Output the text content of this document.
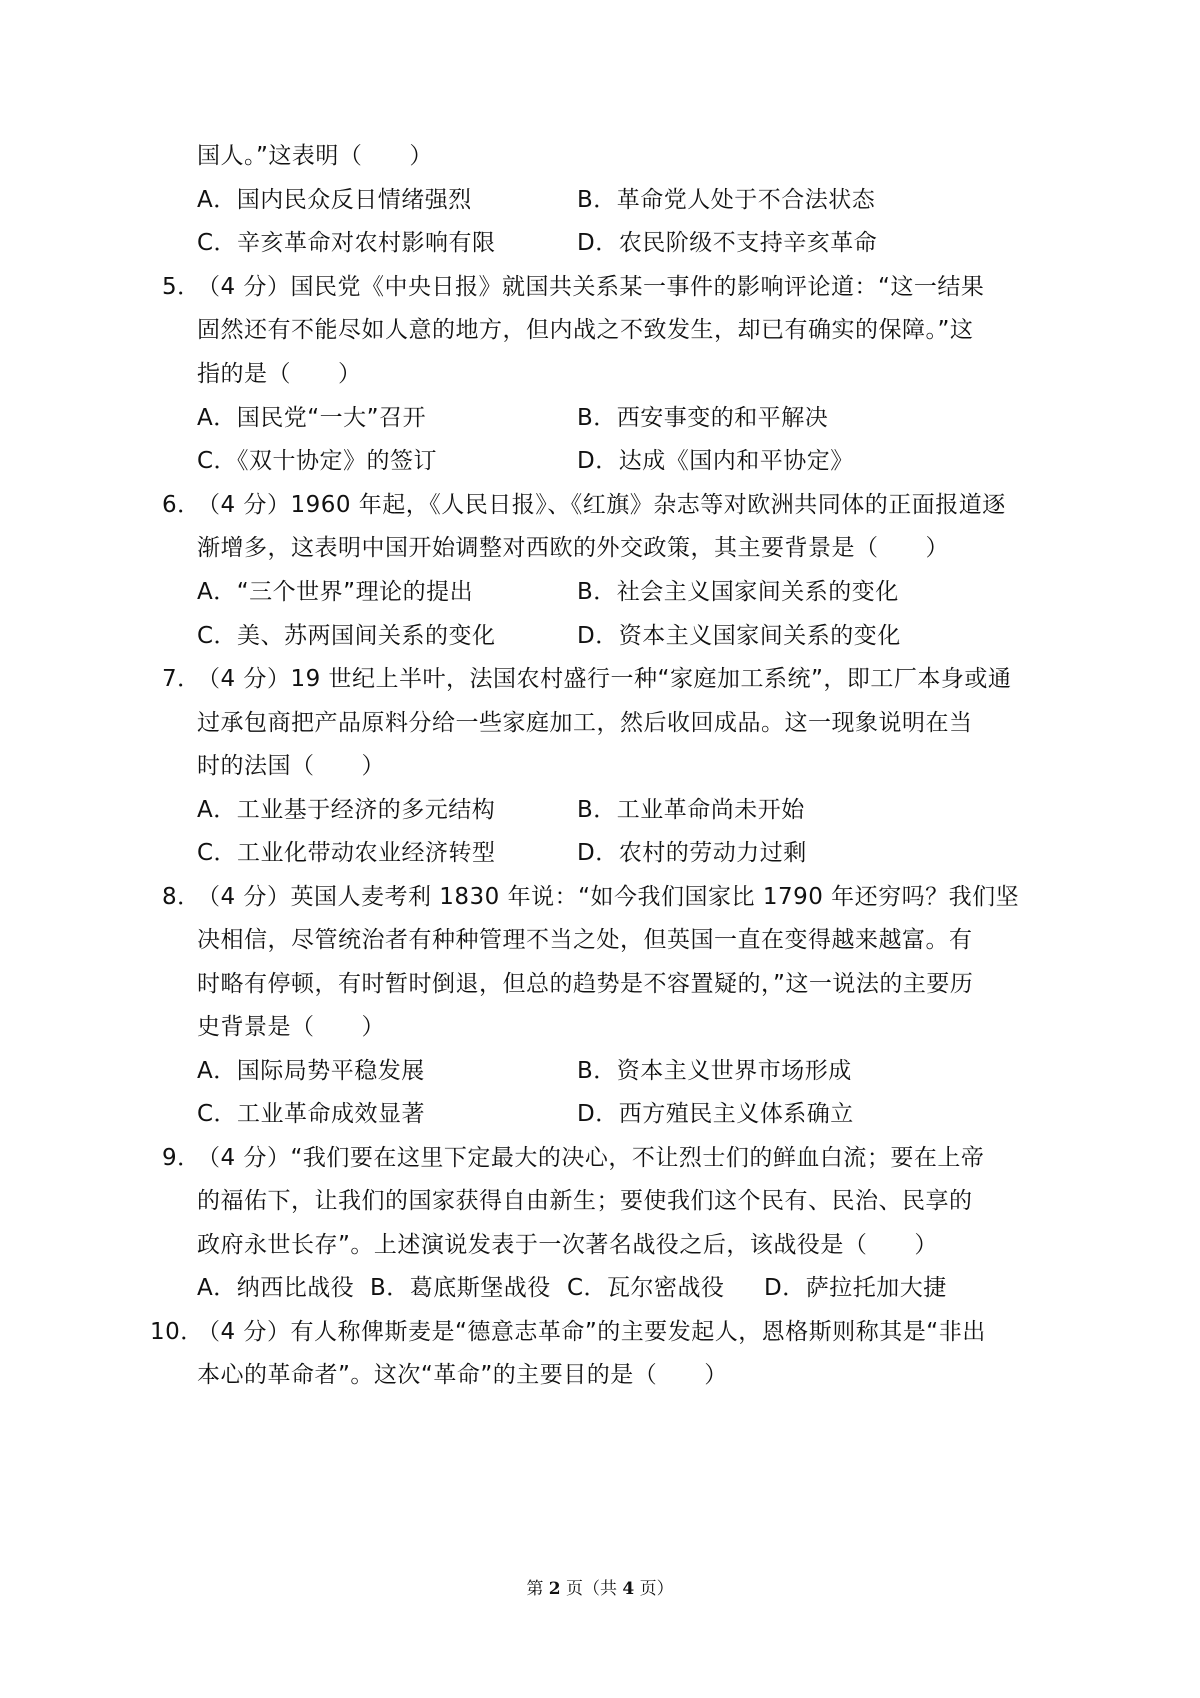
国人。”这表明（　　）
A．国内民众反日情绪强烈	B．革命党人处于不合法状态
C．辛亥革命对农村影响有限	D．农民阶级不支持辛亥革命
5．
（4 分）国民党《中央日报》就国共关系某一事件的影响评论道：“这一结果
固然还有不能尽如人意的地方，但内战之不致发生，却已有确实的保障。”这
指的是（　　）
A．国民党“一大”召开	B．西安事变的和平解决
C．《双十协定》的签订	D．达成《国内和平协定》
6．
（4 分）1960 年起，《人民日报》、《红旗》杂志等对欧洲共同体的正面报道逐
渐增多，这表明中国开始调整对西欧的外交政策，其主要背景是（　　）
A．“三个世界”理论的提出	B．社会主义国家间关系的变化
C．美、苏两国间关系的变化	D．资本主义国家间关系的变化
7．
（4 分）19 世纪上半叶，法国农村盛行一种“家庭加工系统”，即工厂本身或通
过承包商把产品原料分给一些家庭加工，然后收回成品。这一现象说明在当
时的法国（　　）
A．工业基于经济的多元结构	B．工业革命尚未开始
C．工业化带动农业经济转型	D．农村的劳动力过剩
8．
（4 分）英国人麦考利 1830 年说：“如今我们国家比 1790 年还穷吗？我们坚
决相信，尽管统治者有种种管理不当之处，但英国一直在变得越来越富。有
时略有停顿，有时暂时倒退，但总的趋势是不容置疑的，”这一说法的主要历
史背景是（　　）
A．国际局势平稳发展	B．资本主义世界市场形成
C．工业革命成效显著	D．西方殖民主义体系确立
9．
（4 分）“我们要在这里下定最大的决心，不让烈士们的鲜血白流；要在上帝
的福佑下，让我们的国家获得自由新生；要使我们这个民有、民治、民享的
政府永世长存”。上述演说发表于一次著名战役之后，该战役是（　　）
A．纳西比战役 B．葛底斯堡战役 C．瓦尔密战役 D．萨拉托加大捷
10．
（4 分）有人称俾斯麦是“德意志革命”的主要发起人，恩格斯则称其是“非出
本心的革命者”。这次“革命”的主要目的是（　　）
第 2 页（共 4 页）
